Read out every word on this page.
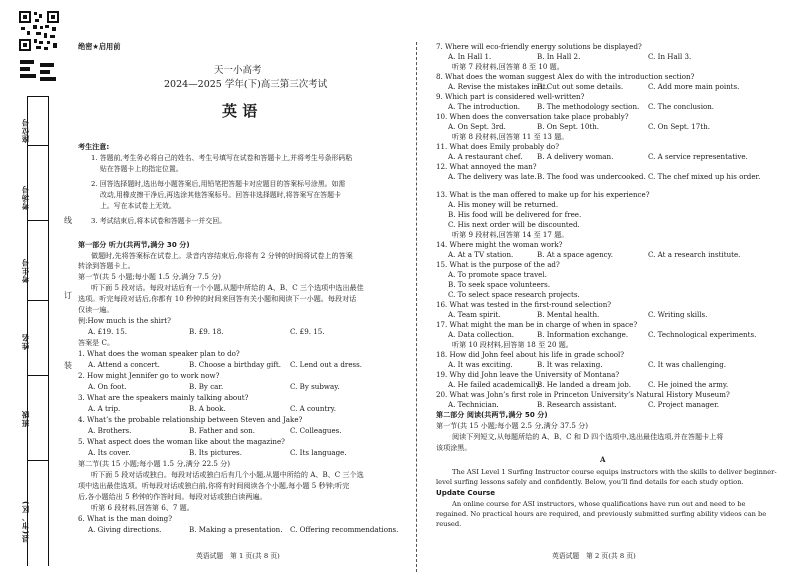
座位号
考场号
考生号
姓名
班级
县(市、区)
线
订
装
绝密★启用前
天一小高考
2024—2025 学年(下)高三第三次考试
英 语
考生注意:
1. 答题前,考生务必将自己的姓名、考生号填写在试卷和答题卡上,并将考生号条形码粘
贴在答题卡上的指定位置。
2. 回答选择题时,选出每小题答案后,用铅笔把答题卡对应题目的答案标号涂黑。如需
改动,用橡皮擦干净后,再选涂其他答案标号。回答非选择题时,将答案写在答题卡
上。写在本试卷上无效。
3. 考试结束后,将本试卷和答题卡一并交回。
第一部分 听力(共两节,满分 30 分)
做题时,先将答案标在试卷上。录音内容结束后,你将有 2 分钟的时间将试卷上的答案
转涂到答题卡上。
第一节(共 5 小题;每小题 1.5 分,满分 7.5 分)
听下面 5 段对话。每段对话后有一个小题,从题中所给的 A、B、C 三个选项中选出最佳
选项。听完每段对话后,你都有 10 秒钟的时间来回答有关小题和阅读下一小题。每段对话
仅读一遍。
例:How much is the shirt?
A. £19. 15.	B. £9. 18.	C. £9. 15.
答案是 C。
1. What does the woman speaker plan to do?
A. Attend a concert.	B. Choose a birthday gift. C. Lend out a dress.
2. How might Jennifer go to work now?
A. On foot.	B. By car.	C. By subway.
3. What are the speakers mainly talking about?
A. A trip.	B. A book.	C. A country.
4. What’s the probable relationship between Steven and Jake?
A. Brothers.	B. Father and son.	C. Colleagues.
5. What aspect does the woman like about the magazine?
A. Its cover.	B. Its pictures.	C. Its language.
第二节(共 15 小题;每小题 1.5 分,满分 22.5 分)
听下面 5 段对话或独白。每段对话或独白后有几个小题,从题中所给的 A、B、C 三个选
项中选出最佳选项。听每段对话或独白前,你将有时间阅读各个小题,每小题 5 秒钟;听完
后,各小题给出 5 秒钟的作答时间。每段对话或独白读两遍。
听第 6 段材料,回答第 6、7 题。
6. What is the man doing?
A. Giving directions.	B. Making a presentation. C. Offering recommendations.
英语试题　第 1 页(共 8 页)
7. Where will eco-friendly energy solutions be displayed?
A. In Hall 1.	B. In Hall 2.	C. In Hall 3.
听第 7 段材料,回答第 8 至 10 题。
8. What does the woman suggest Alex do with the introduction section?
A. Revise the mistakes in it.
B. Cut out some details.	C. Add more main points.
9. Which part is considered well-written?
A. The introduction. B. The methodology section. C. The conclusion.
10. When does the conversation take place probably?
A. On Sept. 3rd.	B. On Sept. 10th.	C. On Sept. 17th.
听第 8 段材料,回答第 11 至 13 题。
11. What does Emily probably do?
A. A restaurant chef. B. A delivery woman.	C. A service representative.
12. What annoyed the man?
A. The delivery was late. B. The food was undercooked. C. The chef mixed up his order.
13. What is the man offered to make up for his experience?
A. His money will be returned.
B. His food will be delivered for free.
C. His next order will be discounted.
听第 9 段材料,回答第 14 至 17 题。
14. Where might the woman work?
A. At a TV station.	B. At a space agency.	C. At a research institute.
15. What is the purpose of the ad?
A. To promote space travel.
B. To seek space volunteers.
C. To select space research projects.
16. What was tested in the first-round selection?
A. Team spirit.	B. Mental health.	C. Writing skills.
17. What might the man be in charge of when in space?
A. Data collection.	B. Information exchange.	C. Technological experiments.
听第 10 段材料,回答第 18 至 20 题。
18. How did John feel about his life in grade school?
A. It was exciting.	B. It was relaxing.	C. It was challenging.
19. Why did John leave the University of Montana?
A. He failed academically.
B. He landed a dream job. C. He joined the army.
20. What was John’s first role in Princeton University’s Natural History Museum?
A. Technician.	B. Research assistant.	C. Project manager.
第二部分 阅读(共两节,满分 50 分)
第一节(共 15 小题;每小题 2.5 分,满分 37.5 分)
阅读下列短文,从每题所给的 A、B、C 和 D 四个选项中,选出最佳选项,并在答题卡上将
该项涂黑。
A
The ASI Level 1 Surfing Instructor course equips instructors with the skills to deliver beginner-
level surfing lessons safely and confidently. Below, you’ll find details for each study option.
Update Course
An online course for ASI instructors, whose qualifications have run out and need to be
regained. No practical hours are required, and previously submitted surfing ability videos can be
reused.
英语试题　第 2 页(共 8 页)
